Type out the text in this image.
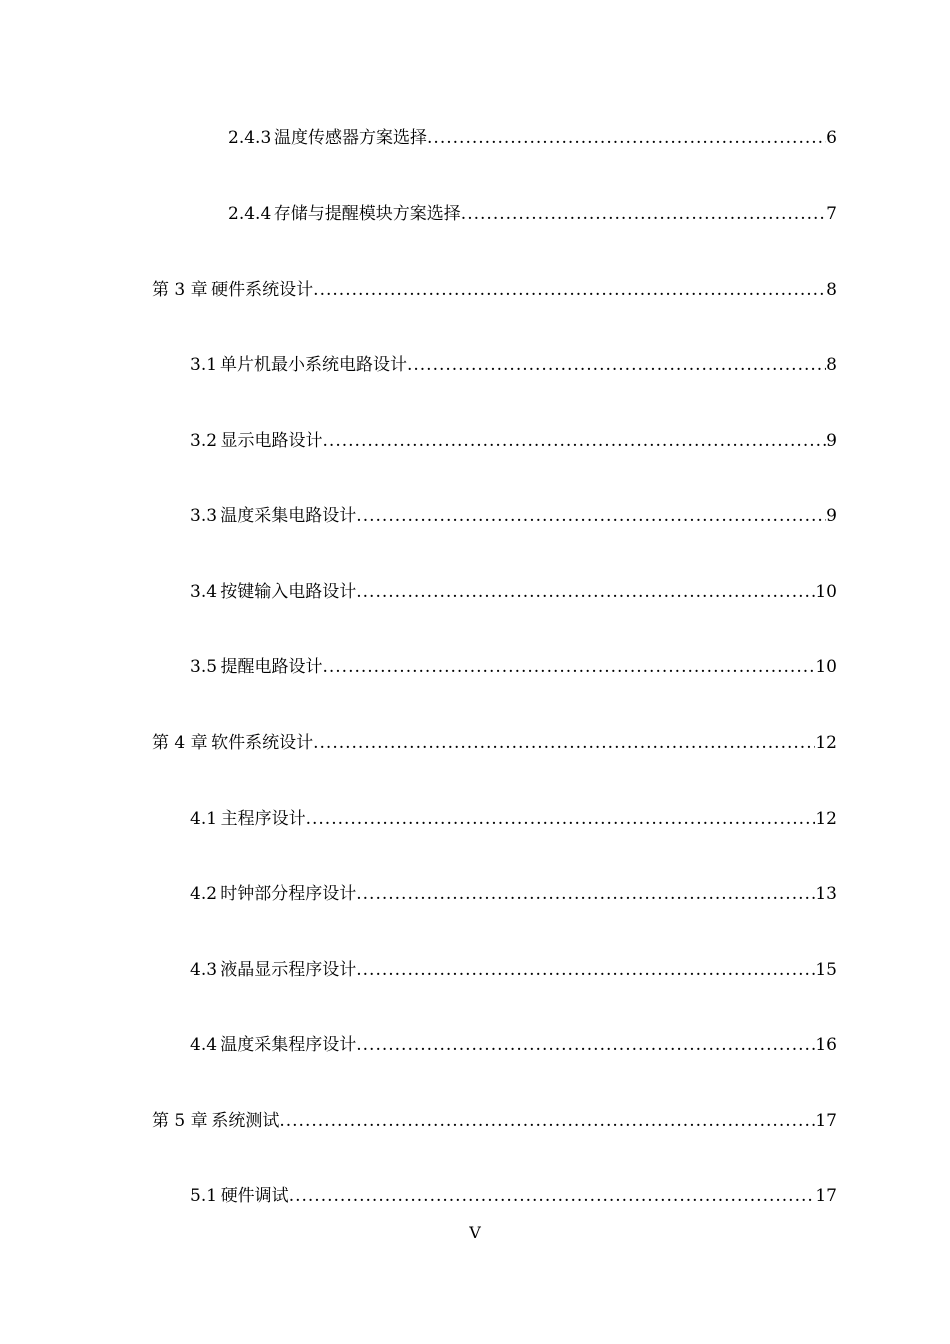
2.4.3 温度传感器方案选择 .....	6
2.4.4 存储与提醒模块方案选择 .....	7
第 3 章 硬件系统设计 .....	8
3.1 单片机最小系统电路设计 .....	8
3.2 显示电路设计 .....	9
3.3 温度采集电路设计 .....	9
3.4 按键输入电路设计 .....	10
3.5 提醒电路设计 .....	10
第 4 章 软件系统设计 .....	12
4.1 主程序设计 .....	12
4.2 时钟部分程序设计 .....	13
4.3 液晶显示程序设计 .....	15
4.4 温度采集程序设计 .....	16
第 5 章 系统测试 .....	17
5.1 硬件调试 .....	17
V
